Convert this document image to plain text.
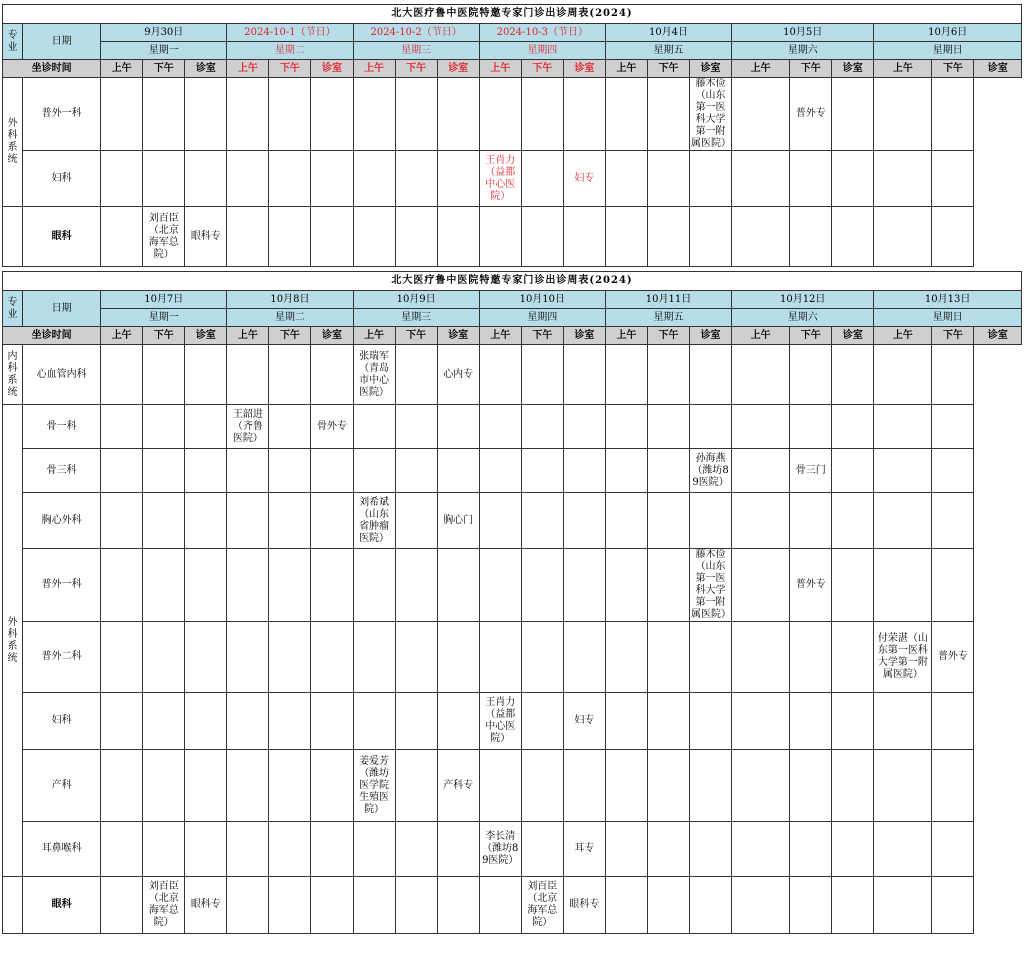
北大医疗鲁中医院特邀专家门诊出诊周表(2024)																						
专业	日期	9月30日			2024-10-1（节日）			2024-10-2（节日）			2024-10-3（节日）			10月4日			10月5日			10月6日		
		星期一			星期二			星期三			星期四			星期五			星期六			星期日		
坐诊时间		上午	下午	诊室	上午	下午	诊室	上午	下午	诊室	上午	下午	诊室	上午	下午	诊室	上午	下午	诊室	上午	下午	诊室
外科系统	普外一科															藤木俭（山东第一医科大学第一附属医院）		普外专				
	妇科										王肖力（益都中心医院）		妇专									
	眼科		刘百臣（北京海军总院）	眼科专																		
北大医疗鲁中医院特邀专家门诊出诊周表(2024)																						
专业	日期	10月7日			10月8日			10月9日			10月10日			10月11日			10月12日			10月13日		
		星期一			星期二			星期三			星期四			星期五			星期六			星期日		
坐诊时间		上午	下午	诊室	上午	下午	诊室	上午	下午	诊室	上午	下午	诊室	上午	下午	诊室	上午	下午	诊室	上午	下午	诊室
内科系统	心血管内科							张瑞军（青岛市中心医院）		心内专												
外科系统	骨一科				王韶进（齐鲁医院）		骨外专															
	骨三科															孙海燕（潍坊89医院）		骨三门				
	胸心外科							刘希斌（山东省肿瘤医院）		胸心门												
	普外一科															藤木俭（山东第一医科大学第一附属医院）		普外专				
	普外二科																			付荣湛（山东第一医科大学第一附属医院）	普外专	
	妇科										王肖力（益都中心医院）		妇专									
	产科							姜爱芳（潍坊医学院生殖医院）		产科专												
	耳鼻喉科										李长清（潍坊89医院）		耳专									
	眼科		刘百臣（北京海军总院）	眼科专								刘百臣（北京海军总院）	眼科专									
